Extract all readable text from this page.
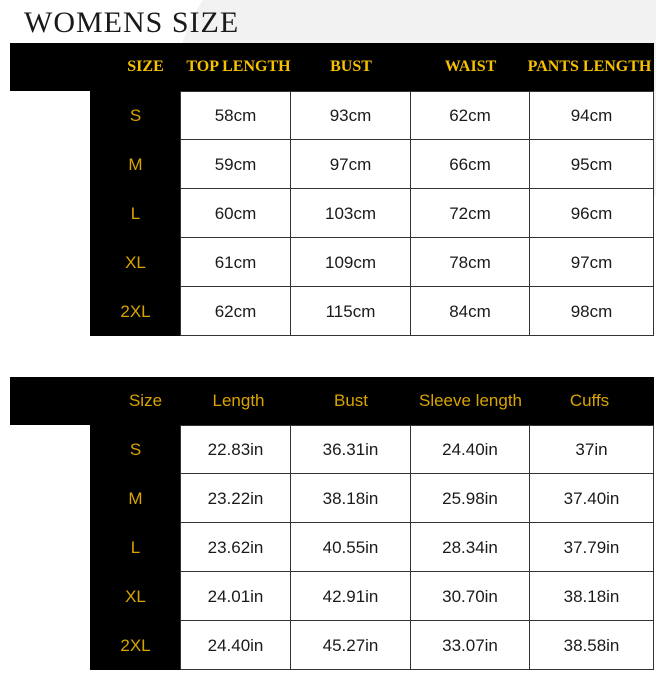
WOMENS SIZE
SIZE	TOP LENGTH	BUST	WAIST	PANTS LENGTH
S	58cm	93cm	62cm	94cm
M	59cm	97cm	66cm	95cm
L	60cm	103cm	72cm	96cm
XL	61cm	109cm	78cm	97cm
2XL	62cm	115cm	84cm	98cm
Size	Length	Bust	Sleeve length	Cuffs
S	22.83in	36.31in	24.40in	37in
M	23.22in	38.18in	25.98in	37.40in
L	23.62in	40.55in	28.34in	37.79in
XL	24.01in	42.91in	30.70in	38.18in
2XL	24.40in	45.27in	33.07in	38.58in
